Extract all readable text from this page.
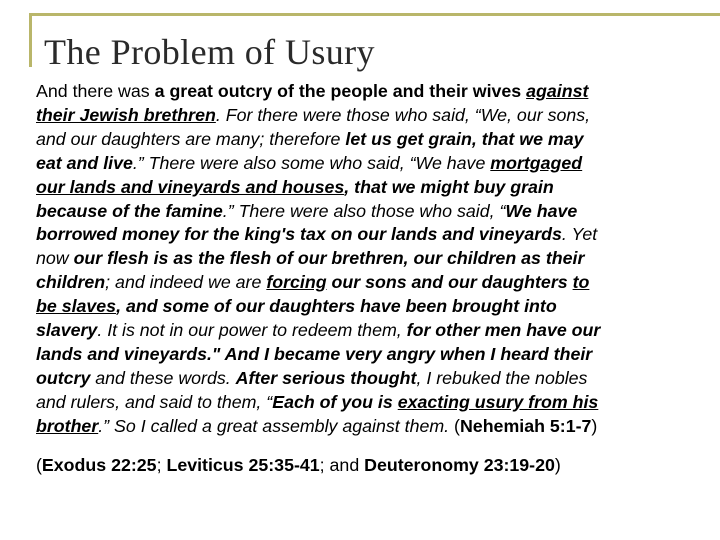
The Problem of Usury
And there was a great outcry of the people and their wives against
their Jewish brethren. For there were those who said, “We, our sons,
and our daughters are many; therefore let us get grain, that we may
eat and live.” There were also some who said, “We have mortgaged
our lands and vineyards and houses, that we might buy grain
because of the famine.” There were also those who said, “We have
borrowed money for the king's tax on our lands and vineyards. Yet
now our flesh is as the flesh of our brethren, our children as their
children; and indeed we are forcing our sons and our daughters to
be slaves, and some of our daughters have been brought into
slavery. It is not in our power to redeem them, for other men have our
lands and vineyards." And I became very angry when I heard their
outcry and these words. After serious thought, I rebuked the nobles
and rulers, and said to them, “Each of you is exacting usury from his
brother.” So I called a great assembly against them. (Nehemiah 5:1-7)
(Exodus 22:25; Leviticus 25:35-41; and Deuteronomy 23:19-20)
